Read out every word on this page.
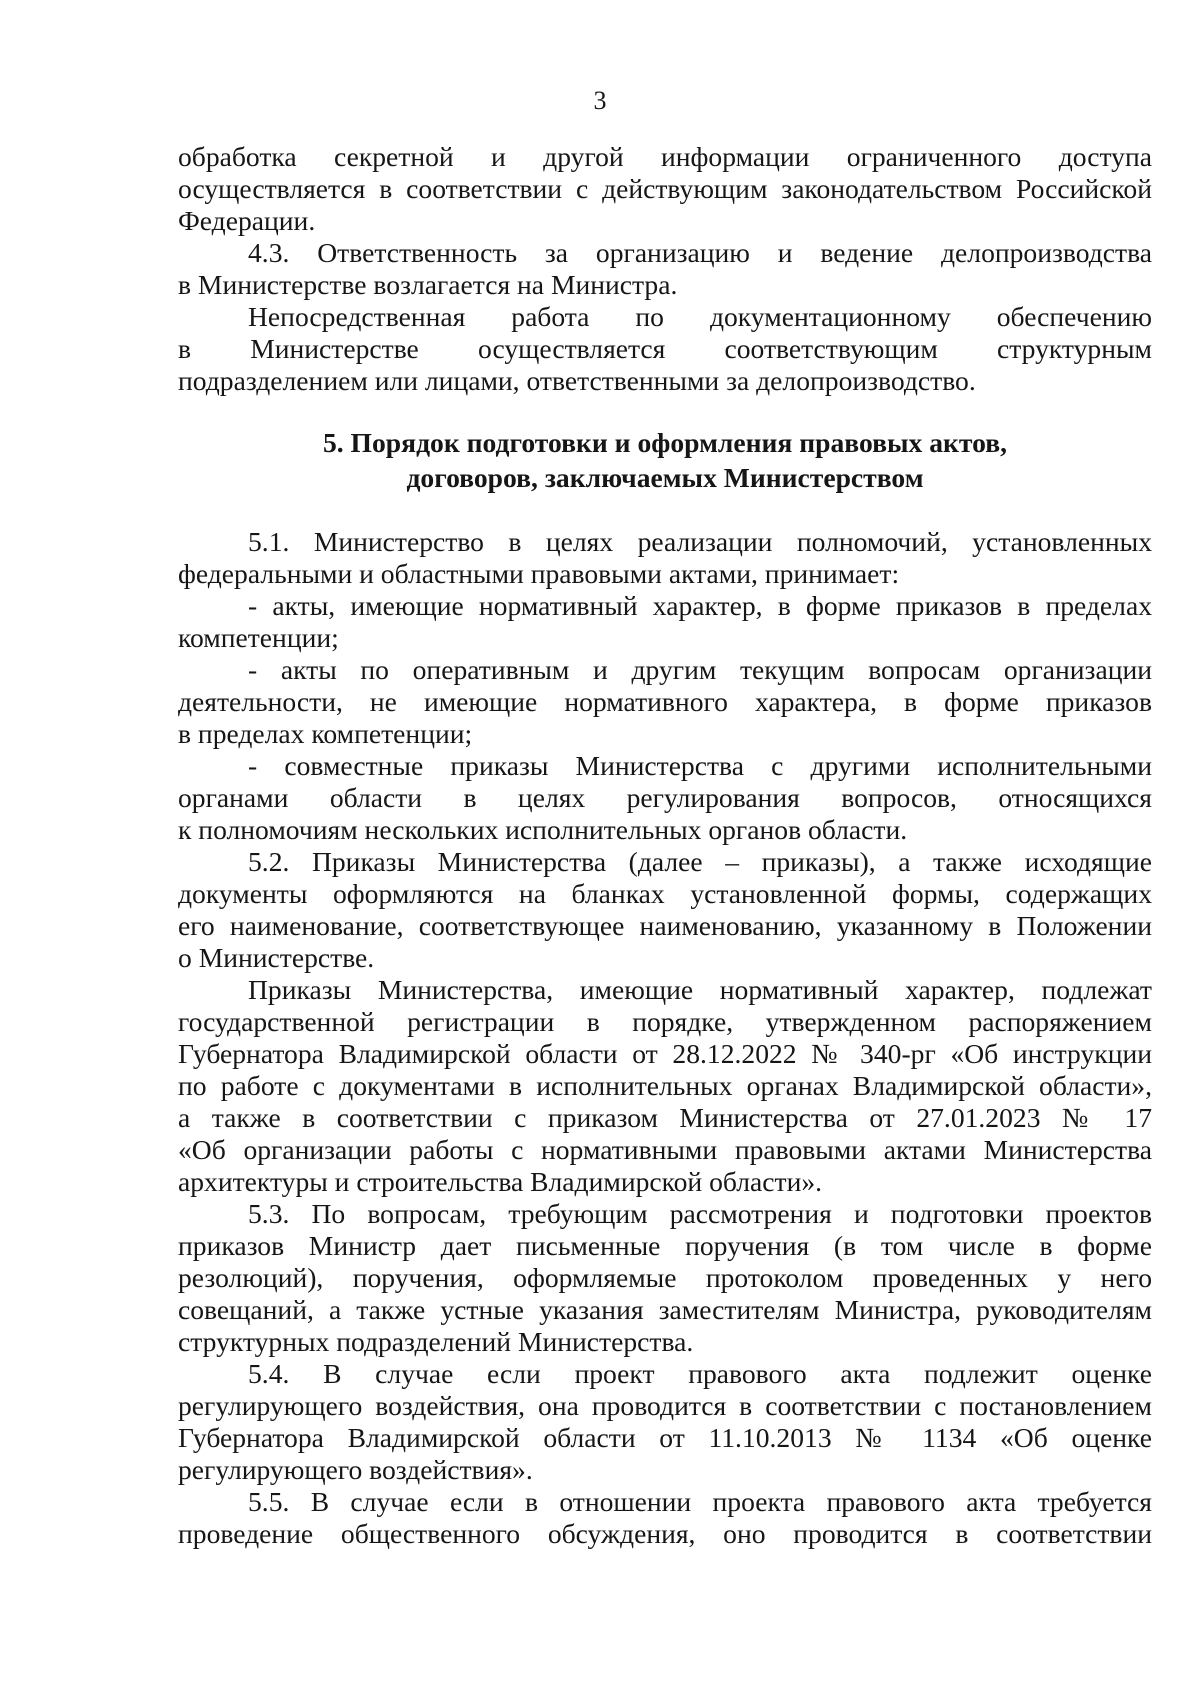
3
обработка секретной и другой информации ограниченного доступа
осуществляется в соответствии с действующим законодательством Российской
Федерации.
4.3. Ответственность за организацию и ведение делопроизводства
в Министерстве возлагается на Министра.
Непосредственная работа по документационному обеспечению
в Министерстве осуществляется соответствующим структурным
подразделением или лицами, ответственными за делопроизводство.
5. Порядок подготовки и оформления правовых актов,
договоров, заключаемых Министерством
5.1. Министерство в целях реализации полномочий, установленных
федеральными и областными правовыми актами, принимает:
- акты, имеющие нормативный характер, в форме приказов в пределах
компетенции;
- акты по оперативным и другим текущим вопросам организации
деятельности, не имеющие нормативного характера, в форме приказов
в пределах компетенции;
- совместные приказы Министерства с другими исполнительными
органами области в целях регулирования вопросов, относящихся
к полномочиям нескольких исполнительных органов области.
5.2. Приказы Министерства (далее – приказы), а также исходящие
документы оформляются на бланках установленной формы, содержащих
его наименование, соответствующее наименованию, указанному в Положении
о Министерстве.
Приказы Министерства, имеющие нормативный характер, подлежат
государственной регистрации в порядке, утвержденном распоряжением
Губернатора Владимирской области от 28.12.2022 № 340-рг «Об инструкции
по работе с документами в исполнительных органах Владимирской области»,
а также в соответствии с приказом Министерства от 27.01.2023 № 17
«Об организации работы с нормативными правовыми актами Министерства
архитектуры и строительства Владимирской области».
5.3. По вопросам, требующим рассмотрения и подготовки проектов
приказов Министр дает письменные поручения (в том числе в форме
резолюций), поручения, оформляемые протоколом проведенных у него
совещаний, а также устные указания заместителям Министра, руководителям
структурных подразделений Министерства.
5.4. В случае если проект правового акта подлежит оценке
регулирующего воздействия, она проводится в соответствии с постановлением
Губернатора Владимирской области от 11.10.2013 № 1134 «Об оценке
регулирующего воздействия».
5.5. В случае если в отношении проекта правового акта требуется
проведение общественного обсуждения, оно проводится в соответствии
